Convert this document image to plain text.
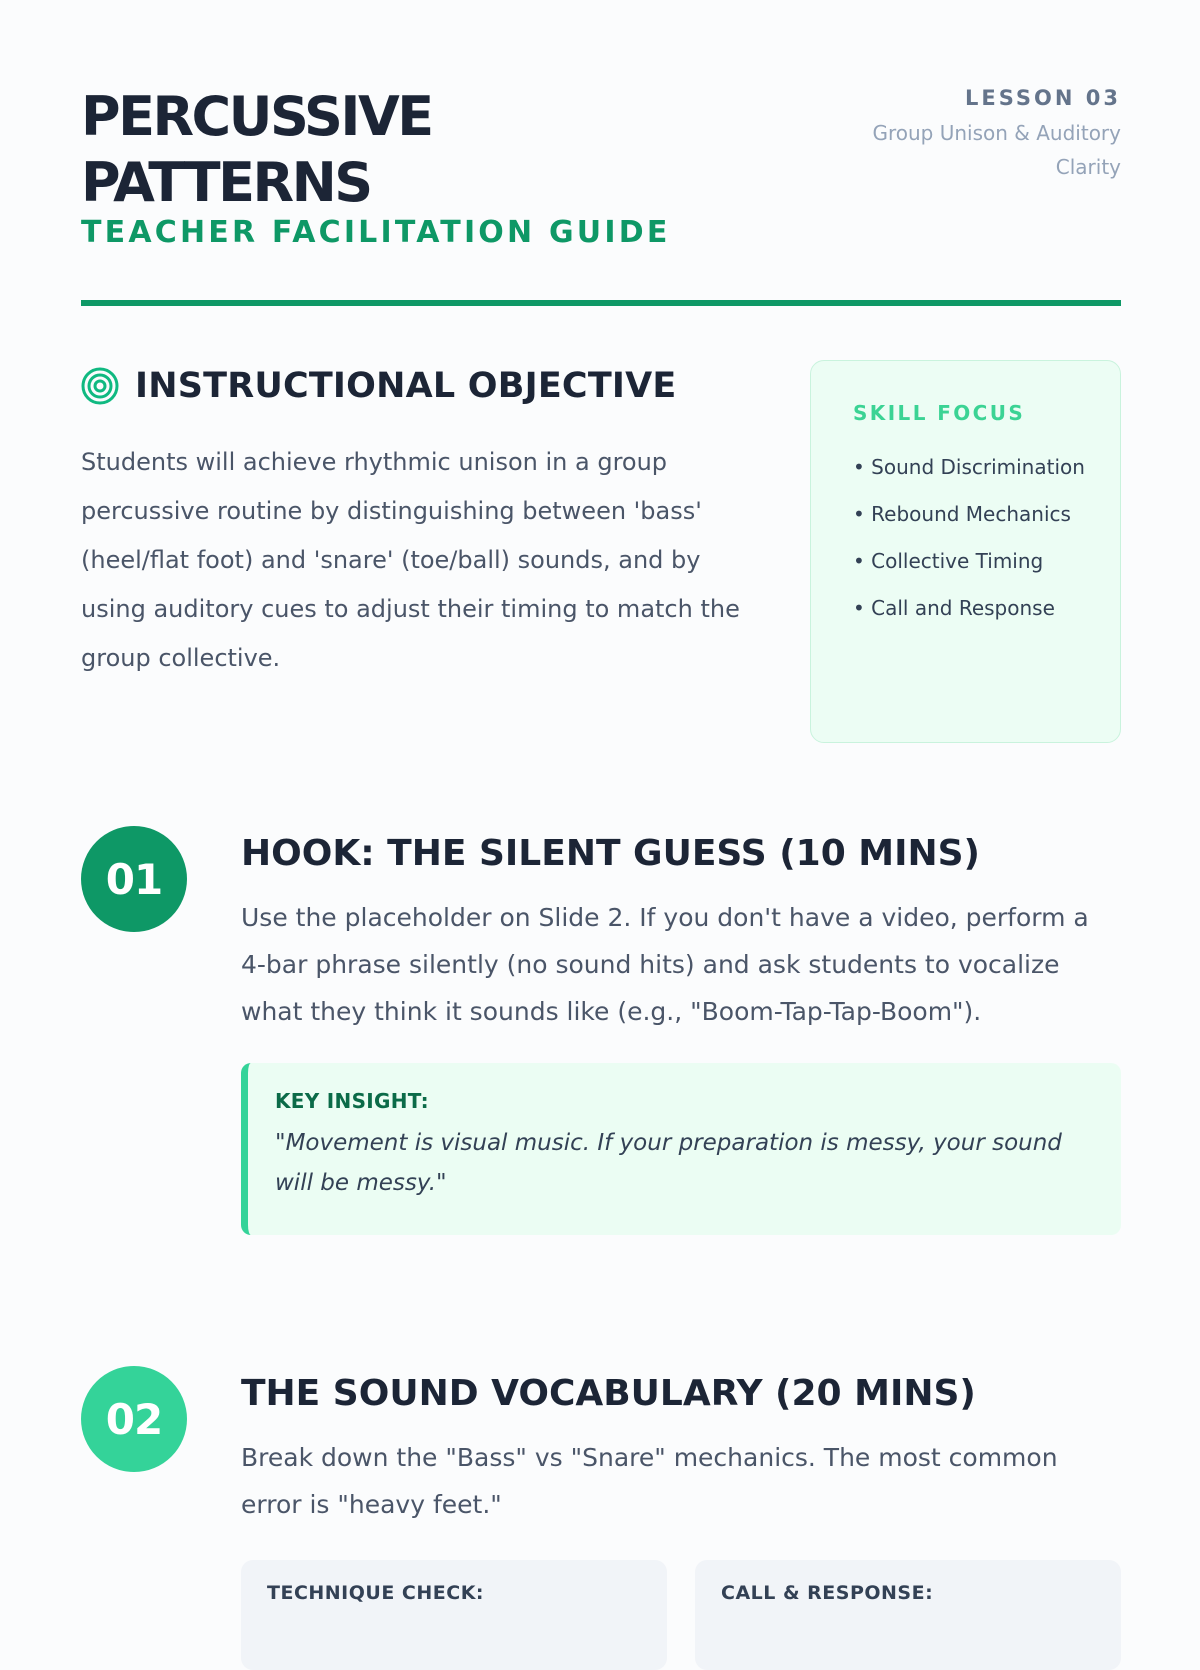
PERCUSSIVE
PATTERNS
TEACHER FACILITATION GUIDE
LESSON 03
Group Unison & Auditory Clarity
INSTRUCTIONAL OBJECTIVE
Students will achieve rhythmic unison in a group percussive routine by distinguishing between 'bass' (heel/flat foot) and 'snare' (toe/ball) sounds, and by using auditory cues to adjust their timing to match the group collective.
SKILL FOCUS
• Sound Discrimination
• Rebound Mechanics
• Collective Timing
• Call and Response
01
HOOK: THE SILENT GUESS (10 MINS)
Use the placeholder on Slide 2. If you don't have a video, perform a 4-bar phrase silently (no sound hits) and ask students to vocalize what they think it sounds like (e.g., "Boom-Tap-Tap-Boom").
KEY INSIGHT:
"Movement is visual music. If your preparation is messy, your sound will be messy."
02
THE SOUND VOCABULARY (20 MINS)
Break down the "Bass" vs "Snare" mechanics. The most common error is "heavy feet."
TECHNIQUE CHECK:	CALL & RESPONSE:
